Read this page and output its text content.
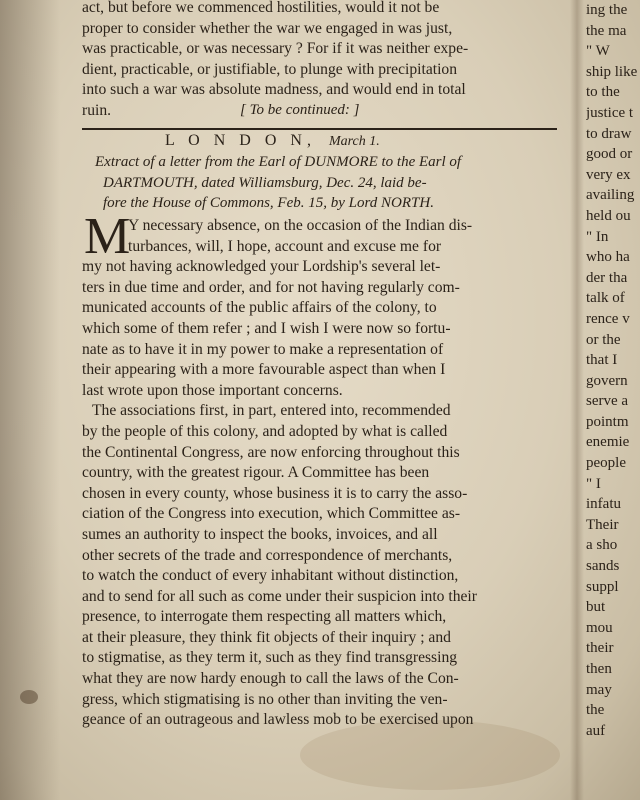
act, but before we commenced hostilities, would it not be
proper to consider whether the war we engaged in was just,
was practicable, or was necessary ? For if it was neither expe-
dient, practicable, or justifiable, to plunge with precipitation
into such a war was absolute madness, and would end in total
ruin.	[ To be continued: ]
L O N D O N, March 1.
Extract of a letter from the Earl of DUNMORE to the Earl of
DARTMOUTH, dated Williamsburg, Dec. 24, laid be-
fore the House of Commons, Feb. 15, by Lord NORTH.
M
Y necessary absence, on the occasion of the Indian dis-
turbances, will, I hope, account and excuse me for
my not having acknowledged your Lordship's several let-
ters in due time and order, and for not having regularly com-
municated accounts of the public affairs of the colony, to
which some of them refer ; and I wish I were now so fortu-
nate as to have it in my power to make a representation of
their appearing with a more favourable aspect than when I
last wrote upon those important concerns.
The associations first, in part, entered into, recommended
by the people of this colony, and adopted by what is called
the Continental Congress, are now enforcing throughout this
country, with the greatest rigour. A Committee has been
chosen in every county, whose business it is to carry the asso-
ciation of the Congress into execution, which Committee as-
sumes an authority to inspect the books, invoices, and all
other secrets of the trade and correspondence of merchants,
to watch the conduct of every inhabitant without distinction,
and to send for all such as come under their suspicion into their
presence, to interrogate them respecting all matters which,
at their pleasure, they think fit objects of their inquiry ; and
to stigmatise, as they term it, such as they find transgressing
what they are now hardy enough to call the laws of the Con-
gress, which stigmatising is no other than inviting the ven-
geance of an outrageous and lawless mob to be exercised upon
ing the
the ma
" W
ship like
to the
justice t
to draw
good or
very ex
availing
held ou
" In
who ha
der tha
talk of
rence v
or the
that I
govern
serve a
pointm
enemie
people
" I
infatu
Their
a sho
sands
suppl
but
mou
their
then
may
the
auf
